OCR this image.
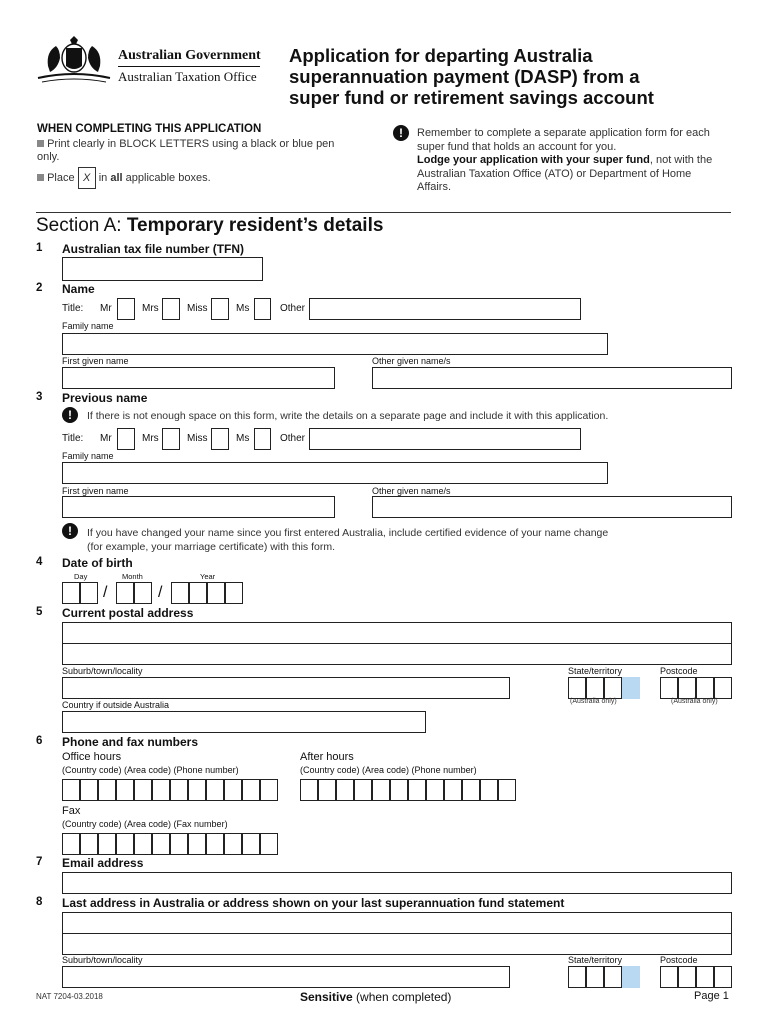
Australian Government
Australian Taxation Office
Application for departing Australia
superannuation payment (DASP) from a
super fund or retirement savings account
WHEN COMPLETING THIS APPLICATION
Print clearly in BLOCK LETTERS using a black or blue pen only.
Place X in all applicable boxes.
!	Remember to complete a separate application form for each super fund that holds an account for you.
Lodge your application with your super fund, not with the Australian Taxation Office (ATO) or Department of Home Affairs.
Section A: Temporary resident’s details
1 Australian tax file number (TFN)
2 Name
Title: Mr	Mrs	Miss	Ms	Other
Family name
First given name	Other given name/s
3 Previous name
!	If there is not enough space on this form, write the details on a separate page and include it with this application.
Title: Mr	Mrs	Miss	Ms	Other
Family name
First given name	Other given name/s
!	If you have changed your name since you first entered Australia, include certified evidence of your name change
(for example, your marriage certificate) with this form.
4 Date of birth
Day	Month	Year
/	/
5 Current postal address
Suburb/town/locality	State/territory	Postcode
(Australia only)	(Australia only)
Country if outside Australia
6 Phone and fax numbers
Office hours
(Country code) (Area code) (Phone number)
After hours
(Country code) (Area code) (Phone number)
Fax
(Country code) (Area code) (Fax number)
7 Email address
8 Last address in Australia or address shown on your last superannuation fund statement
Suburb/town/locality	State/territory	Postcode
NAT 7204-03.2018	Sensitive (when completed)	Page 1
